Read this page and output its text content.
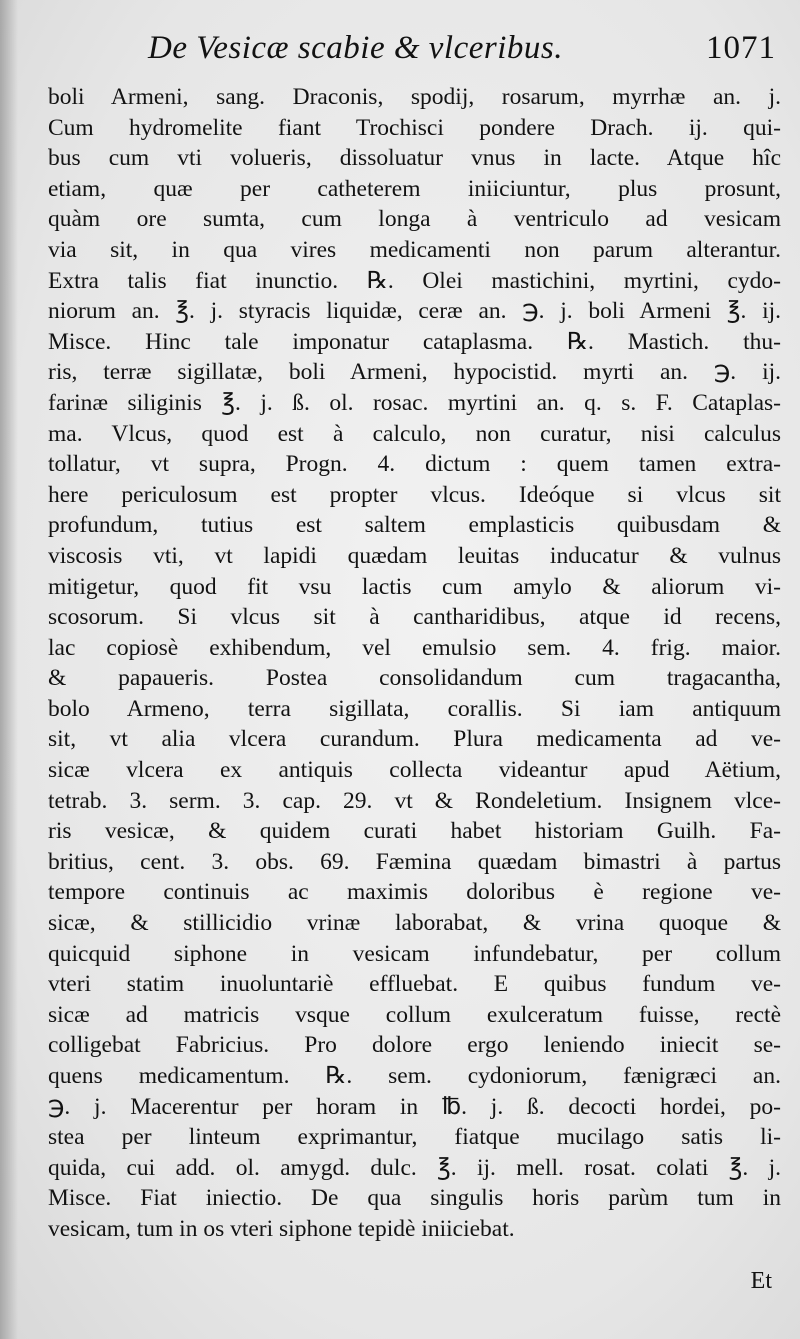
De Vesicæ scabie & vlceribus.	1071
boli Armeni, sang. Draconis, spodij, rosarum, myrrhæ an. j.
Cum hydromelite fiant Trochisci pondere Drach. ij. qui-
bus cum vti volueris, dissoluatur vnus in lacte. Atque hîc
etiam, quæ per catheterem iniiciuntur, plus prosunt,
quàm ore sumta, cum longa à ventriculo ad vesicam
via sit, in qua vires medicamenti non parum alterantur.
Extra talis fiat inunctio. ℞. Olei mastichini, myrtini, cydo-
niorum an. ℥. j. styracis liquidæ, ceræ an. ℈. j. boli Armeni ℥. ij.
Misce. Hinc tale imponatur cataplasma. ℞. Mastich. thu-
ris, terræ sigillatæ, boli Armeni, hypocistid. myrti an. ℈. ij.
farinæ siliginis ℥. j. ß. ol. rosac. myrtini an. q. s. F. Cataplas-
ma. Vlcus, quod est à calculo, non curatur, nisi calculus
tollatur, vt supra, Progn. 4. dictum : quem tamen extra-
here periculosum est propter vlcus. Ideóque si vlcus sit
profundum, tutius est saltem emplasticis quibusdam &
viscosis vti, vt lapidi quædam leuitas inducatur & vulnus
mitigetur, quod fit vsu lactis cum amylo & aliorum vi-
scosorum. Si vlcus sit à cantharidibus, atque id recens,
lac copiosè exhibendum, vel emulsio sem. 4. frig. maior.
& papaueris. Postea consolidandum cum tragacantha,
bolo Armeno, terra sigillata, corallis. Si iam antiquum
sit, vt alia vlcera curandum. Plura medicamenta ad ve-
sicæ vlcera ex antiquis collecta videantur apud Aëtium,
tetrab. 3. serm. 3. cap. 29. vt & Rondeletium. Insignem vlce-
ris vesicæ, & quidem curati habet historiam Guilh. Fa-
britius, cent. 3. obs. 69. Fæmina quædam bimastri à partus
tempore continuis ac maximis doloribus è regione ve-
sicæ, & stillicidio vrinæ laborabat, & vrina quoque &
quicquid siphone in vesicam infundebatur, per collum
vteri statim inuoluntariè effluebat. E quibus fundum ve-
sicæ ad matricis vsque collum exulceratum fuisse, rectè
colligebat Fabricius. Pro dolore ergo leniendo iniecit se-
quens medicamentum. ℞. sem. cydoniorum, fænigræci an.
℈. j. Macerentur per horam in ℔. j. ß. decocti hordei, po-
stea per linteum exprimantur, fiatque mucilago satis li-
quida, cui add. ol. amygd. dulc. ℥. ij. mell. rosat. colati ℥. j.
Misce. Fiat iniectio. De qua singulis horis parùm tum in
vesicam, tum in os vteri siphone tepidè iniiciebat.
Et
